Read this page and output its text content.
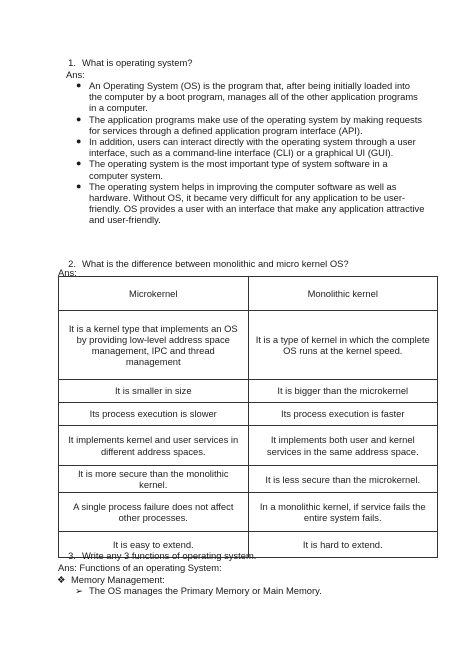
1. What is operating system?
Ans:
● An Operating System (OS) is the program that, after being initially loaded into the computer by a boot program, manages all of the other application programs in a computer.
● The application programs make use of the operating system by making requests for services through a defined application program interface (API).
● In addition, users can interact directly with the operating system through a user interface, such as a command-line interface (CLI) or a graphical UI (GUI).
● The operating system is the most important type of system software in a computer system.
● The operating system helps in improving the computer software as well as hardware. Without OS, it became very difficult for any application to be user-friendly. OS provides a user with an interface that make any application attractive and user-friendly.
2. What is the difference between monolithic and micro kernel OS?
Ans:
Microkernel	Monolithic kernel
It is a kernel type that implements an OS by providing low-level address space management, IPC and thread management	It is a type of kernel in which the complete OS runs at the kernel speed.
It is smaller in size	It is bigger than the microkernel
Its process execution is slower	Its process execution is faster
It implements kernel and user services in different address spaces.	It implements both user and kernel services in the same address space.
It is more secure than the monolithic kernel.	It is less secure than the microkernel.
A single process failure does not affect other processes.	In a monolithic kernel, if service fails the entire system fails.
It is easy to extend.	It is hard to extend.
3. Write any 3 functions of operating system.
Ans: Functions of an operating System:
❖ Memory Management:
➢ The OS manages the Primary Memory or Main Memory.
